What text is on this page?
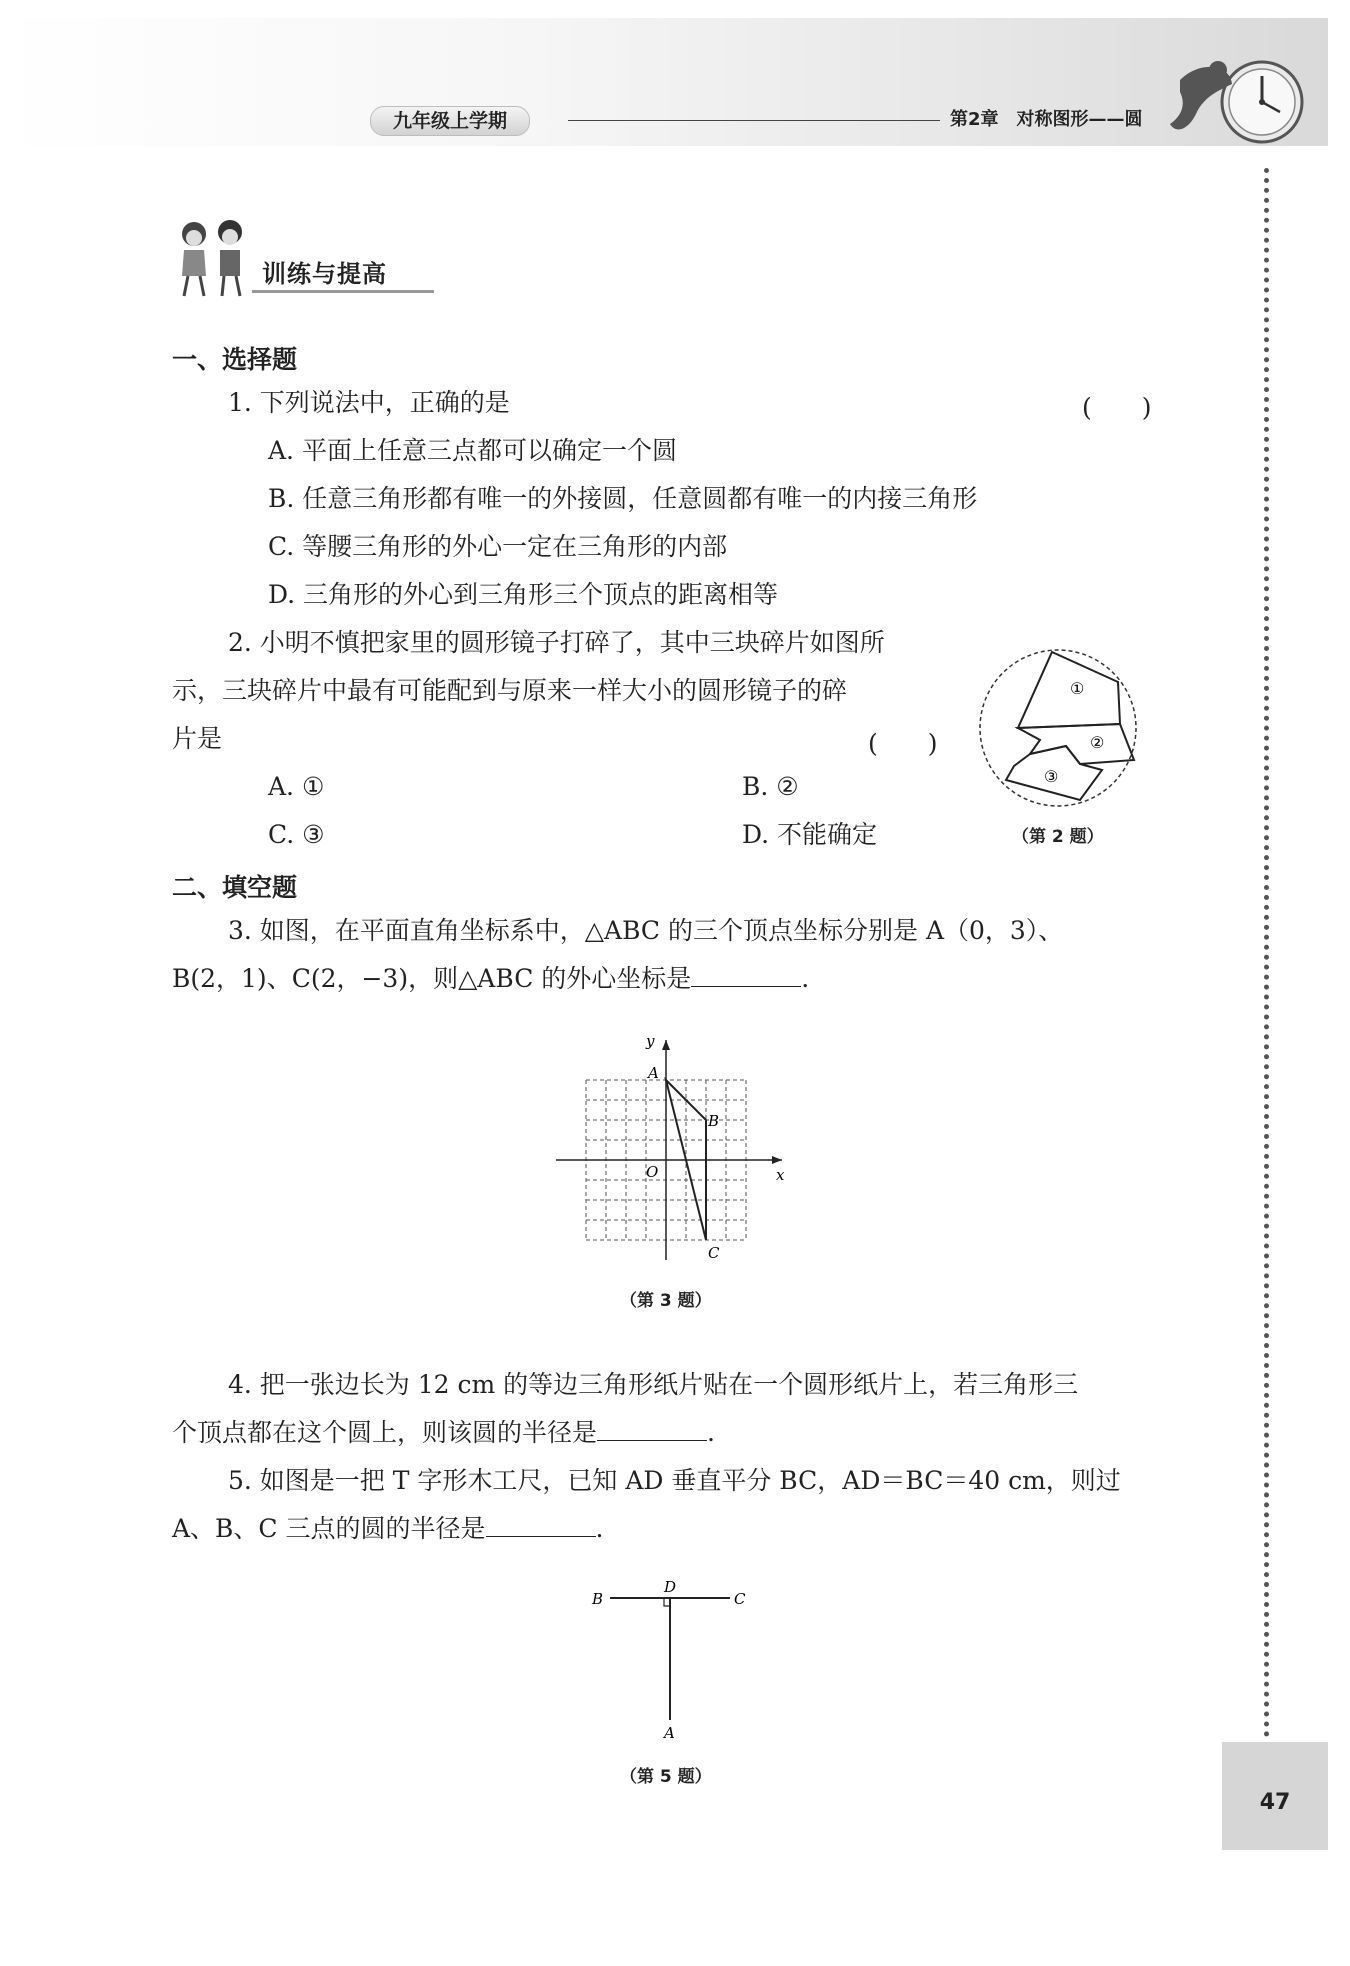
九年级上学期	第2章　对称图形——圆
47
训练与提高
一、选择题
1. 下列说法中，正确的是	(　　)
A. 平面上任意三点都可以确定一个圆
B. 任意三角形都有唯一的外接圆，任意圆都有唯一的内接三角形
C. 等腰三角形的外心一定在三角形的内部
D. 三角形的外心到三角形三个顶点的距离相等
2. 小明不慎把家里的圆形镜子打碎了，其中三块碎片如图所
示，三块碎片中最有可能配到与原来一样大小的圆形镜子的碎
片是	(　　)
A. ①	B. ②
C. ③	D. 不能确定
①
②
③
（第 2 题）
二、填空题
3. 如图，在平面直角坐标系中，△ABC 的三个顶点坐标分别是 A（0，3）、
B(2，1)、C(2，−3)，则△ABC 的外心坐标是	.
y
x
O
A
B
C
（第 3 题）
4. 把一张边长为 12 cm 的等边三角形纸片贴在一个圆形纸片上，若三角形三
个顶点都在这个圆上，则该圆的半径是	.
5. 如图是一把 T 字形木工尺，已知 AD 垂直平分 BC，AD＝BC＝40 cm，则过
A、B、C 三点的圆的半径是	.
B
D
C
A
（第 5 题）
